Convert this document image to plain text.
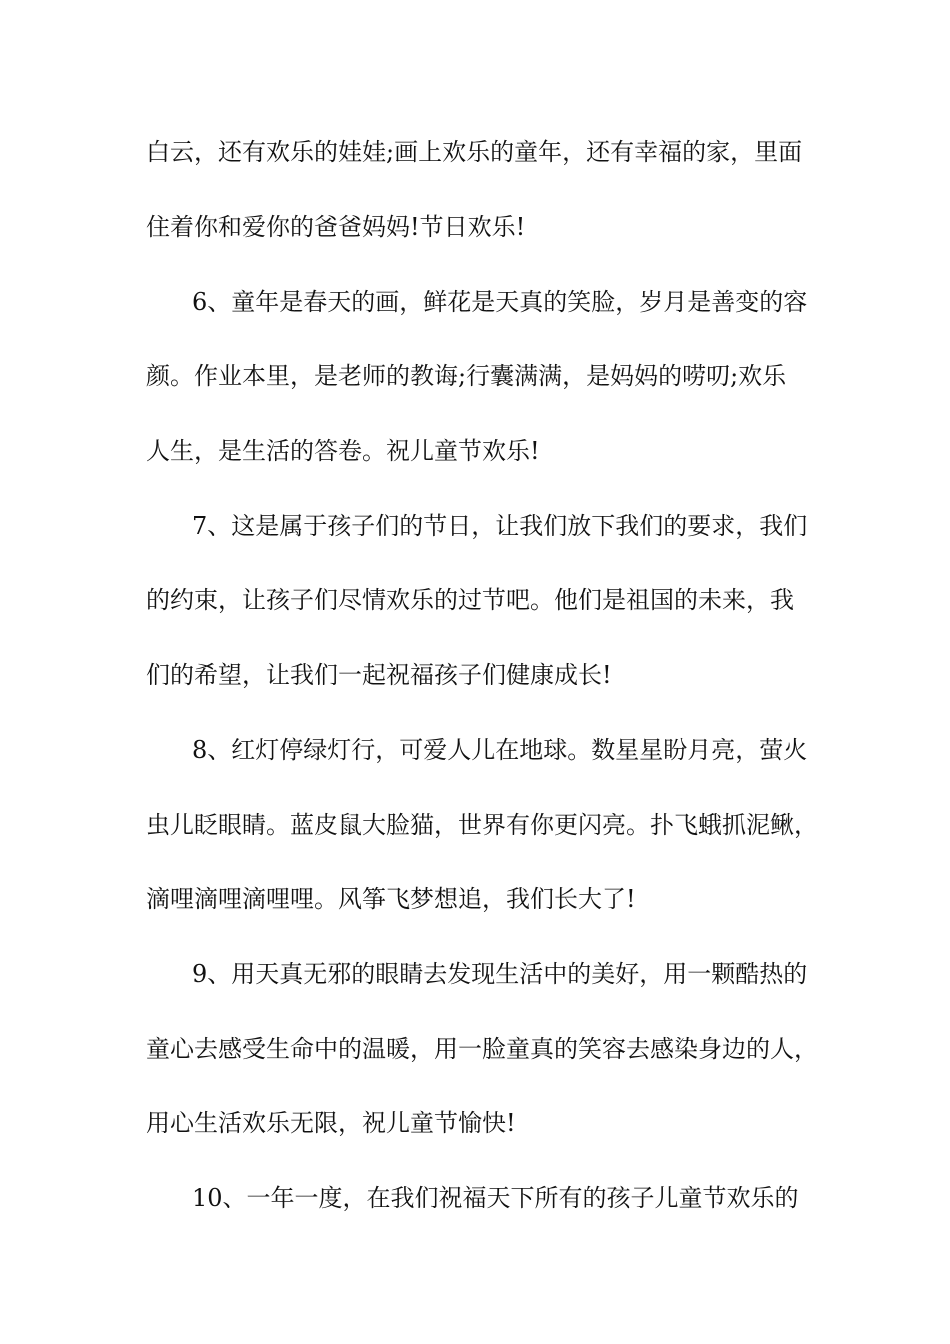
白云，还有欢乐的娃娃;画上欢乐的童年，还有幸福的家，里面
住着你和爱你的爸爸妈妈!节日欢乐!
6、童年是春天的画，鲜花是天真的笑脸，岁月是善变的容
颜。作业本里，是老师的教诲;行囊满满，是妈妈的唠叨;欢乐
人生，是生活的答卷。祝儿童节欢乐!
7、这是属于孩子们的节日，让我们放下我们的要求，我们
的约束，让孩子们尽情欢乐的过节吧。他们是祖国的未来，我
们的希望，让我们一起祝福孩子们健康成长!
8、红灯停绿灯行，可爱人儿在地球。数星星盼月亮，萤火
虫儿眨眼睛。蓝皮鼠大脸猫，世界有你更闪亮。扑飞蛾抓泥鳅，
滴哩滴哩滴哩哩。风筝飞梦想追，我们长大了!
9、用天真无邪的眼睛去发现生活中的美好，用一颗酷热的
童心去感受生命中的温暖，用一脸童真的笑容去感染身边的人，
用心生活欢乐无限，祝儿童节愉快!
10、一年一度，在我们祝福天下所有的孩子儿童节欢乐的
